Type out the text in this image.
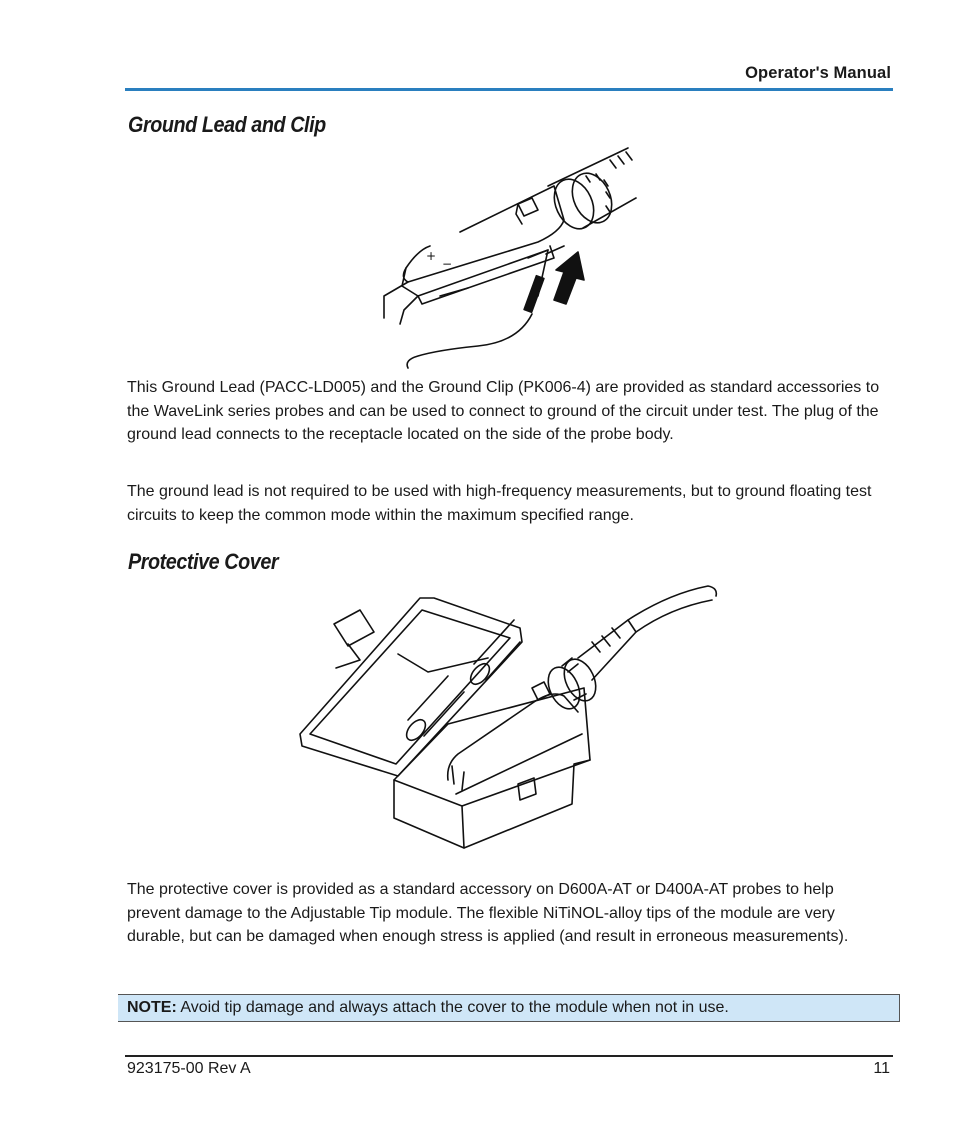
Operator's Manual
Ground Lead and Clip
+
−

This Ground Lead (PACC-LD005) and the Ground Clip (PK006-4) are provided as standard accessories to the WaveLink series probes and can be used to connect to ground of the circuit under test. The plug of the ground lead connects to the receptacle located on the side of the probe body.

The ground lead is not required to be used with high-frequency measurements, but to ground floating test circuits to keep the common mode within the maximum specified range.

Protective Cover

The protective cover is provided as a standard accessory on D600A-AT or D400A-AT probes to help prevent damage to the Adjustable Tip module. The flexible NiTiNOL-alloy tips of the module are very durable, but can be damaged when enough stress is applied (and result in erroneous measurements).

NOTE: Avoid tip damage and always attach the cover to the module when not in use.
923175-00 Rev A	11
